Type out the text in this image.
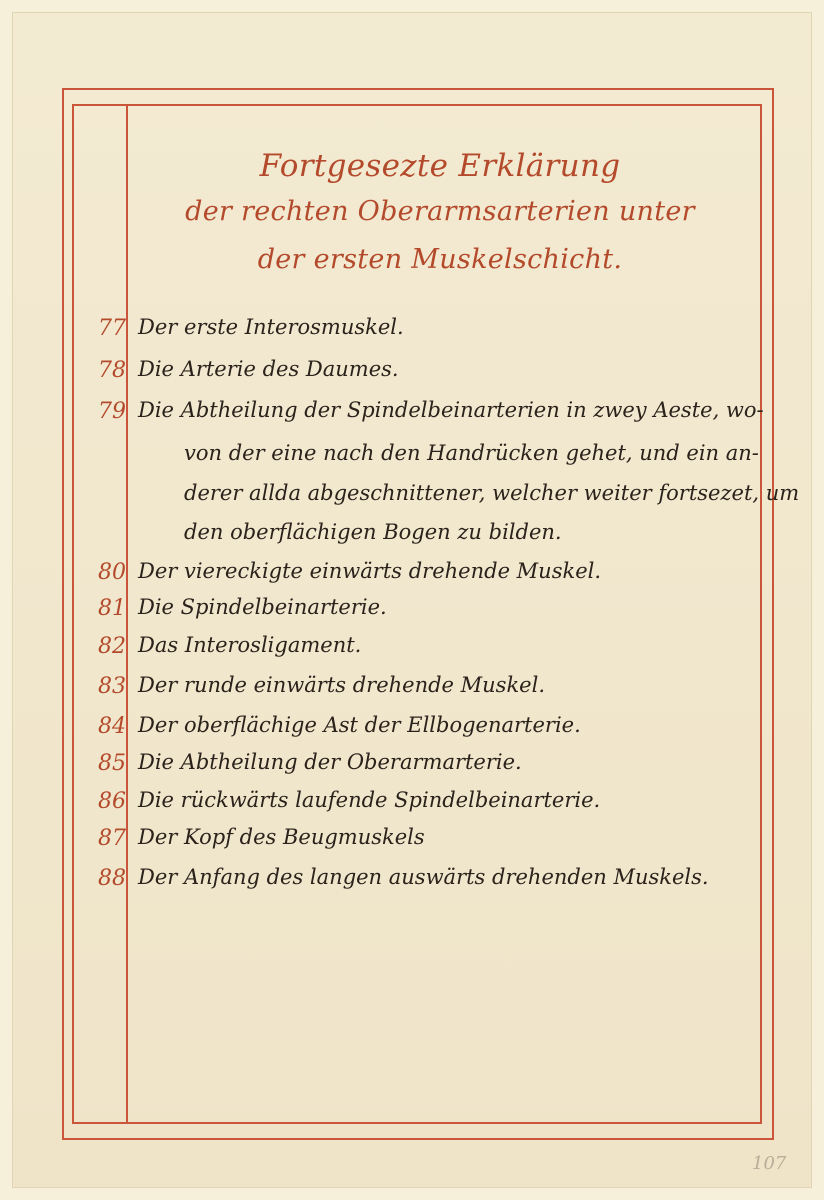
Fortgesezte Erklärung
der rechten Oberarmsarterien unter
der ersten Muskelschicht.
77 Der erste Interosmuskel.
78 Die Arterie des Daumes.
79 Die Abtheilung der Spindelbeinarterien in zwey Aeste, wo-
von der eine nach den Handrücken gehet, und ein an-
derer allda abgeschnittener, welcher weiter fortsezet, um
den oberflächigen Bogen zu bilden.
80 Der viereckigte einwärts drehende Muskel.
81 Die Spindelbeinarterie.
82 Das Interosligament.
83 Der runde einwärts drehende Muskel.
84 Der oberflächige Ast der Ellbogenarterie.
85 Die Abtheilung der Oberarmarterie.
86 Die rückwärts laufende Spindelbeinarterie.
87 Der Kopf des Beugmuskels
88 Der Anfang des langen auswärts drehenden Muskels.
107
